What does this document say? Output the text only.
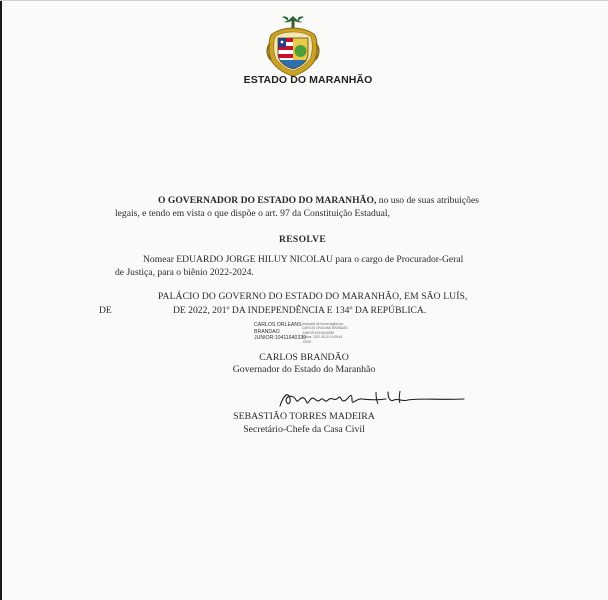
ESTADO DO MARANHÃO
O GOVERNADOR DO ESTADO DO MARANHÃO, no uso de suas atribuições
legais, e tendo em vista o que dispõe o art. 97 da Constituição Estadual,
RESOLVE
Nomear EDUARDO JORGE HILUY NICOLAU para o cargo de Procurador-Geral
de Justiça, para o biênio 2022-2024.
PALÁCIO DO GOVERNO DO ESTADO DO MARANHÃO, EM SÃO LUÍS,
DE	DE 2022, 201º DA INDEPENDÊNCIA E 134º DA REPÚBLICA.
CARLOS ORLEANS
BRANDAO
JUNIOR:10411640330
Assinado de forma digital por
CARLOS ORLEANS BRANDAO
JUNIOR:10411640330
Dados: 2022.05.20 10:55:46
-03'00'
CARLOS BRANDÃO
Governador do Estado do Maranhão
SEBASTIÃO TORRES MADEIRA
Secretário-Chefe da Casa Civil
